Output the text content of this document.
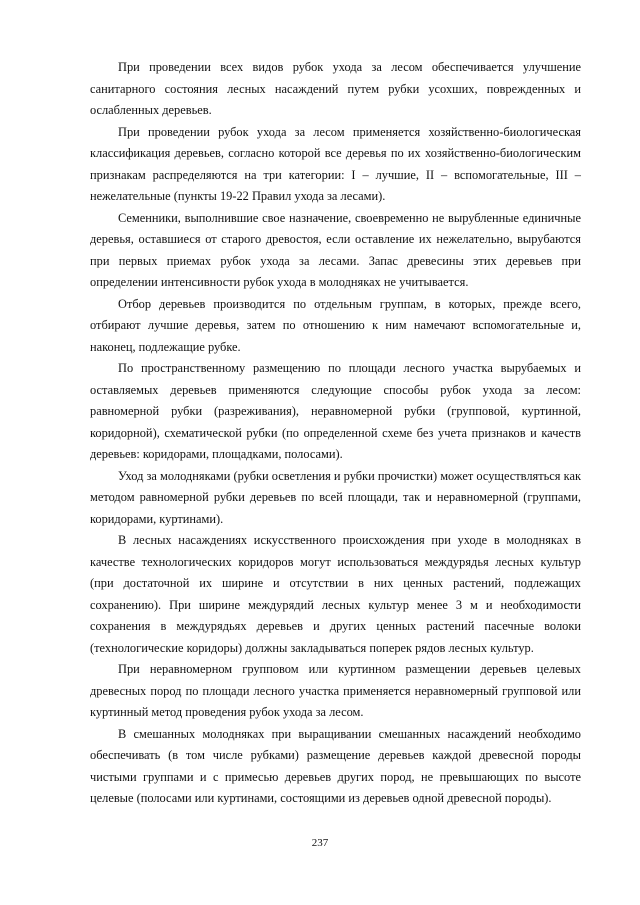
При проведении всех видов рубок ухода за лесом обеспечивается улучшение санитарного состояния лесных насаждений путем рубки усохших, поврежденных и ослабленных деревьев.

При проведении рубок ухода за лесом применяется хозяйственно-биологическая классификация деревьев, согласно которой все деревья по их хозяйственно-биологическим признакам распределяются на три категории: I – лучшие, II – вспомогательные, III – нежелательные (пункты 19-22 Правил ухода за лесами).

Семенники, выполнившие свое назначение, своевременно не вырубленные единичные деревья, оставшиеся от старого древостоя, если оставление их нежелательно, вырубаются при первых приемах рубок ухода за лесами. Запас древесины этих деревьев при определении интенсивности рубок ухода в молодняках не учитывается.

Отбор деревьев производится по отдельным группам, в которых, прежде всего, отбирают лучшие деревья, затем по отношению к ним намечают вспомогательные и, наконец, подлежащие рубке.

По пространственному размещению по площади лесного участка вырубаемых и оставляемых деревьев применяются следующие способы рубок ухода за лесом: равномерной рубки (разреживания), неравномерной рубки (групповой, куртинной, коридорной), схематической рубки (по определенной схеме без учета признаков и качеств деревьев: коридорами, площадками, полосами).

Уход за молодняками (рубки осветления и рубки прочистки) может осуществляться как методом равномерной рубки деревьев по всей площади, так и неравномерной (группами, коридорами, куртинами).

В лесных насаждениях искусственного происхождения при уходе в молодняках в качестве технологических коридоров могут использоваться междурядья лесных культур (при достаточной их ширине и отсутствии в них ценных растений, подлежащих сохранению). При ширине междурядий лесных культур менее 3 м и необходимости сохранения в междурядьях деревьев и других ценных растений пасечные волоки (технологические коридоры) должны закладываться поперек рядов лесных культур.

При неравномерном групповом или куртинном размещении деревьев целевых древесных пород по площади лесного участка применяется неравномерный групповой или куртинный метод проведения рубок ухода за лесом.

В смешанных молодняках при выращивании смешанных насаждений необходимо обеспечивать (в том числе рубками) размещение деревьев каждой древесной породы чистыми группами и с примесью деревьев других пород, не превышающих по высоте целевые (полосами или куртинами, состоящими из деревьев одной древесной породы).

237
